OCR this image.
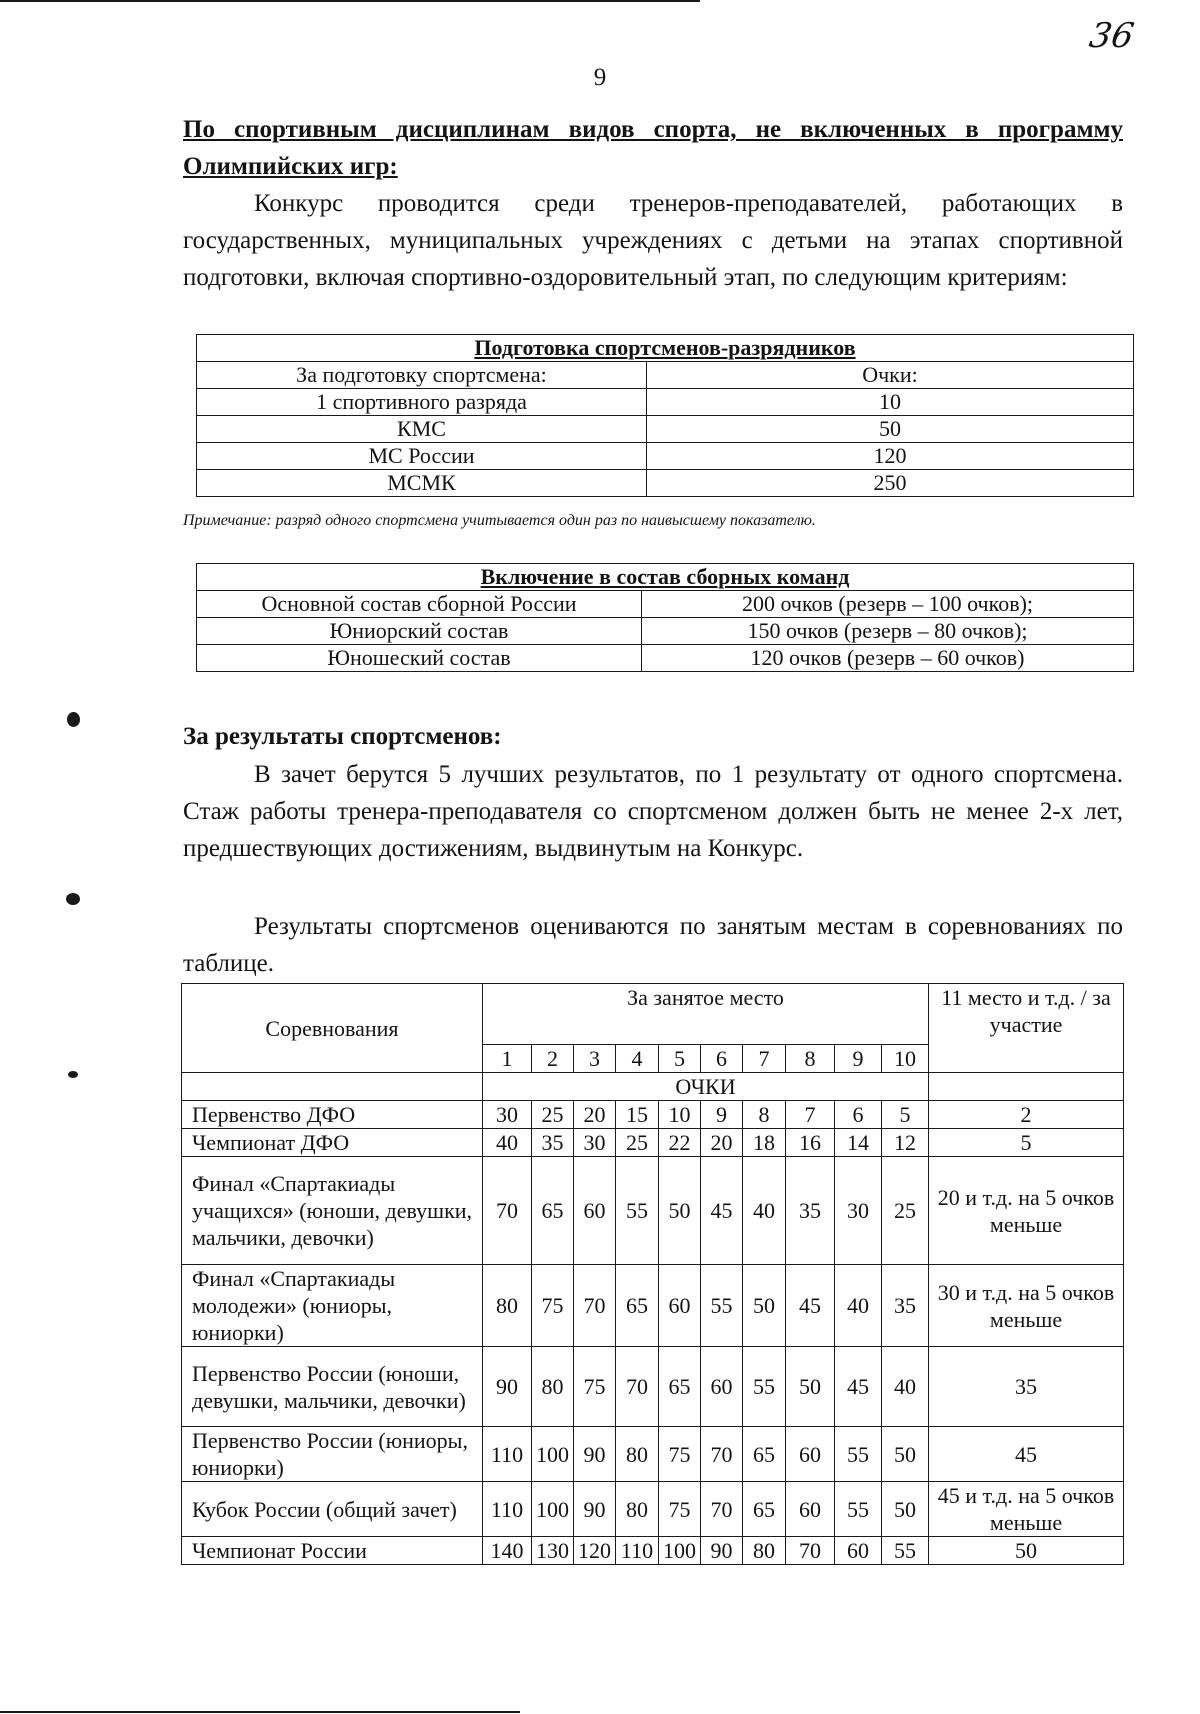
36
9
По спортивным дисциплинам видов спорта, не включенных в программу Олимпийских игр:
Конкурс проводится среди тренеров-преподавателей, работающих в государственных, муниципальных учреждениях с детьми на этапах спортивной подготовки, включая спортивно-оздоровительный этап, по следующим критериям:
Подготовка спортсменов-разрядников	
За подготовку спортсмена:	Очки:
1 спортивного разряда	10
КМС	50
МС России	120
МСМК	250
Примечание: разряд одного спортсмена учитывается один раз по наивысшему показателю.
Включение в состав сборных команд	
Основной состав сборной России	200 очков (резерв – 100 очков);
Юниорский состав	150 очков (резерв – 80 очков);
Юношеский состав	120 очков (резерв – 60 очков)
За результаты спортсменов:
В зачет берутся 5 лучших результатов, по 1 результату от одного спортсмена. Стаж работы тренера-преподавателя со спортсменом должен быть не менее 2-х лет, предшествующих достижениям, выдвинутым на Конкурс.
Результаты спортсменов оцениваются по занятым местам в соревнованиях по таблице.
Соревнования	За занятое место										11 место и т.д. / за участие
	1	2	3	4	5	6	7	8	9	10	
	ОЧКИ										
Первенство ДФО	30	25	20	15	10	9	8	7	6	5	2
Чемпионат ДФО	40	35	30	25	22	20	18	16	14	12	5
Финал «Спартакиады учащихся» (юноши, девушки, мальчики, девочки)	70	65	60	55	50	45	40	35	30	25	20 и т.д. на 5 очков меньше
Финал «Спартакиады молодежи» (юниоры, юниорки)	80	75	70	65	60	55	50	45	40	35	30 и т.д. на 5 очков меньше
Первенство России (юноши, девушки, мальчики, девочки)	90	80	75	70	65	60	55	50	45	40	35
Первенство России (юниоры, юниорки)	110	100	90	80	75	70	65	60	55	50	45
Кубок России (общий зачет)	110	100	90	80	75	70	65	60	55	50	45 и т.д. на 5 очков меньше
Чемпионат России	140	130	120	110	100	90	80	70	60	55	50
